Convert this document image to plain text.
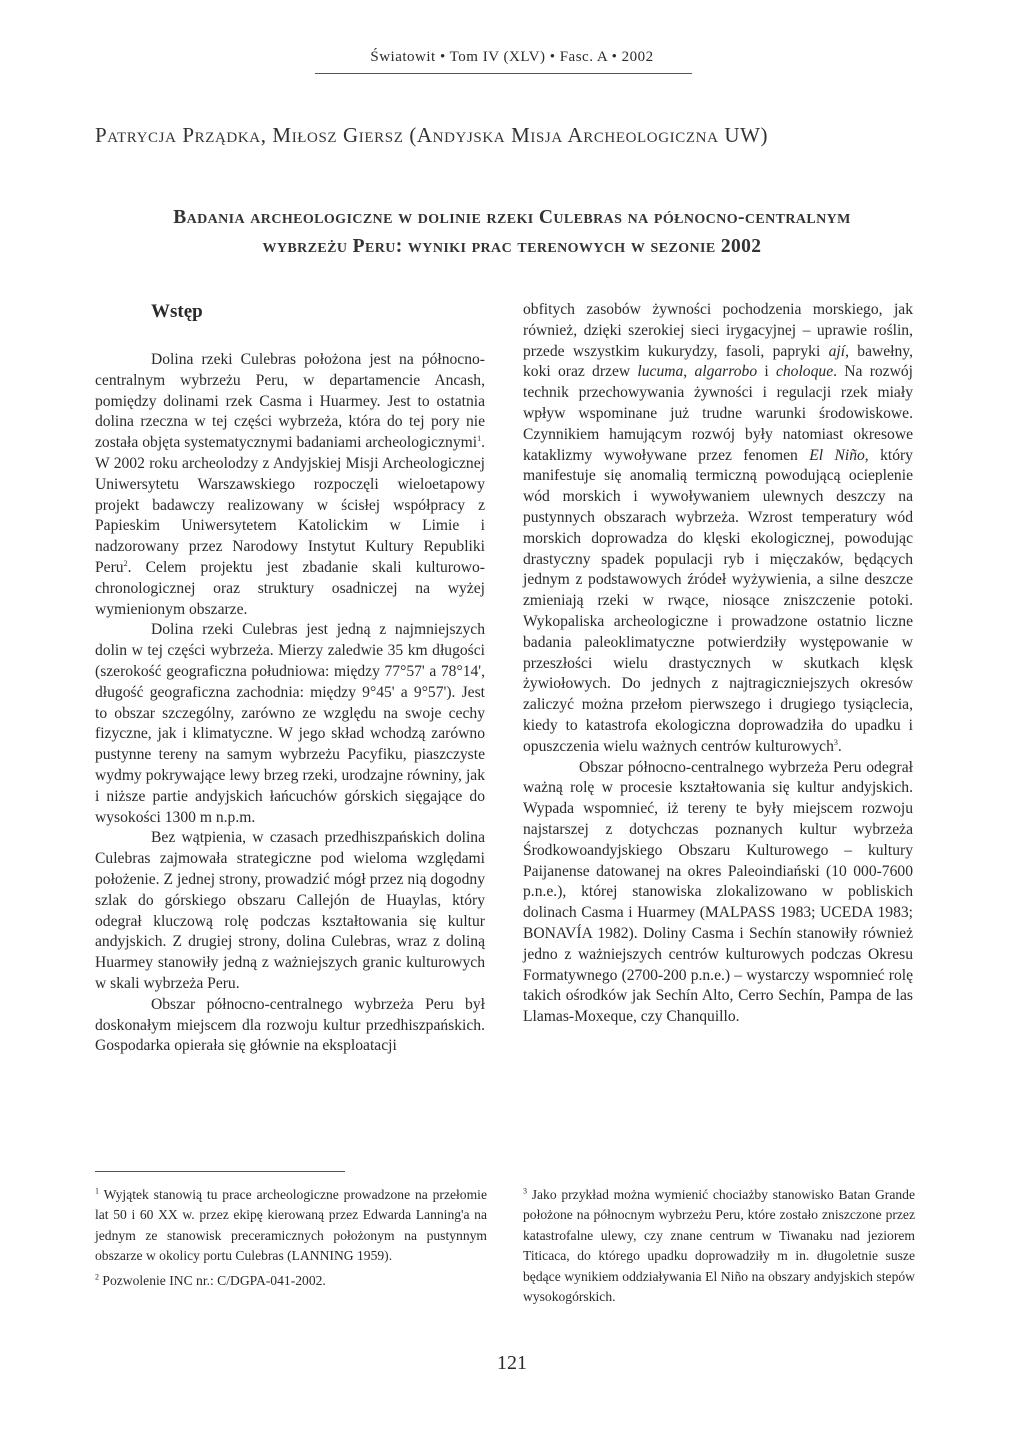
Światowit • Tom IV (XLV) • Fasc. A • 2002
Patrycja Prządka, Miłosz Giersz (Andyjska Misja Archeologiczna UW)
Badania archeologiczne w dolinie rzeki Culebras na północno-centralnym
wybrzeżu Peru: wyniki prac terenowych w sezonie 2002
Wstęp

Dolina rzeki Culebras położona jest na północno-centralnym wybrzeżu Peru, w departamencie Ancash, pomiędzy dolinami rzek Casma i Huarmey. Jest to ostatnia dolina rzeczna w tej części wybrzeża, która do tej pory nie została objęta systematycznymi badaniami archeologicznymi$^1$. W 2002 roku archeolodzy z Andyjskiej Misji Archeologicznej Uniwersytetu Warszawskiego rozpoczęli wieloetapowy projekt badawczy realizowany w ścisłej współpracy z Papieskim Uniwersytetem Katolickim w Limie i nadzorowany przez Narodowy Instytut Kultury Republiki Peru$^2$. Celem projektu jest zbadanie skali kulturowo-chronologicznej oraz struktury osadniczej na wyżej wymienionym obszarze.

Dolina rzeki Culebras jest jedną z najmniejszych dolin w tej części wybrzeża. Mierzy zaledwie 35 km długości (szerokość geograficzna południowa: między 77°57' a 78°14', długość geograficzna zachodnia: między 9°45' a 9°57'). Jest to obszar szczególny, zarówno ze względu na swoje cechy fizyczne, jak i klimatyczne. W jego skład wchodzą zarówno pustynne tereny na samym wybrzeżu Pacyfiku, piaszczyste wydmy pokrywające lewy brzeg rzeki, urodzajne równiny, jak i niższe partie andyjskich łańcuchów górskich sięgające do wysokości 1300 m n.p.m.

Bez wątpienia, w czasach przedhiszpańskich dolina Culebras zajmowała strategiczne pod wieloma względami położenie. Z jednej strony, prowadzić mógł przez nią dogodny szlak do górskiego obszaru Callejón de Huaylas, który odegrał kluczową rolę podczas kształtowania się kultur andyjskich. Z drugiej strony, dolina Culebras, wraz z doliną Huarmey stanowiły jedną z ważniejszych granic kulturowych w skali wybrzeża Peru.

Obszar północno-centralnego wybrzeża Peru był doskonałym miejscem dla rozwoju kultur przedhiszpańskich. Gospodarka opierała się głównie na eksploatacji

obfitych zasobów żywności pochodzenia morskiego, jak również, dzięki szerokiej sieci irygacyjnej – uprawie roślin, przede wszystkim kukurydzy, fasoli, papryki ají, bawełny, koki oraz drzew lucuma, algarrobo i choloque. Na rozwój technik przechowywania żywności i regulacji rzek miały wpływ wspominane już trudne warunki środowiskowe. Czynnikiem hamującym rozwój były natomiast okresowe kataklizmy wywoływane przez fenomen El Niño, który manifestuje się anomalią termiczną powodującą ocieplenie wód morskich i wywoływaniem ulewnych deszczy na pustynnych obszarach wybrzeża. Wzrost temperatury wód morskich doprowadza do klęski ekologicznej, powodując drastyczny spadek populacji ryb i mięczaków, będących jednym z podstawowych źródeł wyżywienia, a silne deszcze zmieniają rzeki w rwące, niosące zniszczenie potoki. Wykopaliska archeologiczne i prowadzone ostatnio liczne badania paleoklimatyczne potwierdziły występowanie w przeszłości wielu drastycznych w skutkach klęsk żywiołowych. Do jednych z najtragiczniejszych okresów zaliczyć można przełom pierwszego i drugiego tysiąclecia, kiedy to katastrofa ekologiczna doprowadziła do upadku i opuszczenia wielu ważnych centrów kulturowych$^3$.

Obszar północno-centralnego wybrzeża Peru odegrał ważną rolę w procesie kształtowania się kultur andyjskich. Wypada wspomnieć, iż tereny te były miejscem rozwoju najstarszej z dotychczas poznanych kultur wybrzeża Środkowoandyjskiego Obszaru Kulturowego – kultury Paijanense datowanej na okres Paleoindiański (10 000-7600 p.n.e.), której stanowiska zlokalizowano w pobliskich dolinach Casma i Huarmey (MALPASS 1983; UCEDA 1983; BONAVÍA 1982). Doliny Casma i Sechín stanowiły również jedno z ważniejszych centrów kulturowych podczas Okresu Formatywnego (2700-200 p.n.e.) – wystarczy wspomnieć rolę takich ośrodków jak Sechín Alto, Cerro Sechín, Pampa de las Llamas-Moxeque, czy Chanquillo.

$^1$ Wyjątek stanowią tu prace archeologiczne prowadzone na przełomie lat 50 i 60 XX w. przez ekipę kierowaną przez Edwarda Lanning'a na jednym ze stanowisk preceramicznych położonym na pustynnym obszarze w okolicy portu Culebras (LANNING 1959).

$^2$ Pozwolenie INC nr.: C/DGPA-041-2002.

$^3$ Jako przykład można wymienić chociażby stanowisko Batan Grande położone na północnym wybrzeżu Peru, które zostało zniszczone przez katastrofalne ulewy, czy znane centrum w Tiwanaku nad jeziorem Titicaca, do którego upadku doprowadziły m in. długoletnie susze będące wynikiem oddziaływania El Niño na obszary andyjskich stepów wysokogórskich.

121
